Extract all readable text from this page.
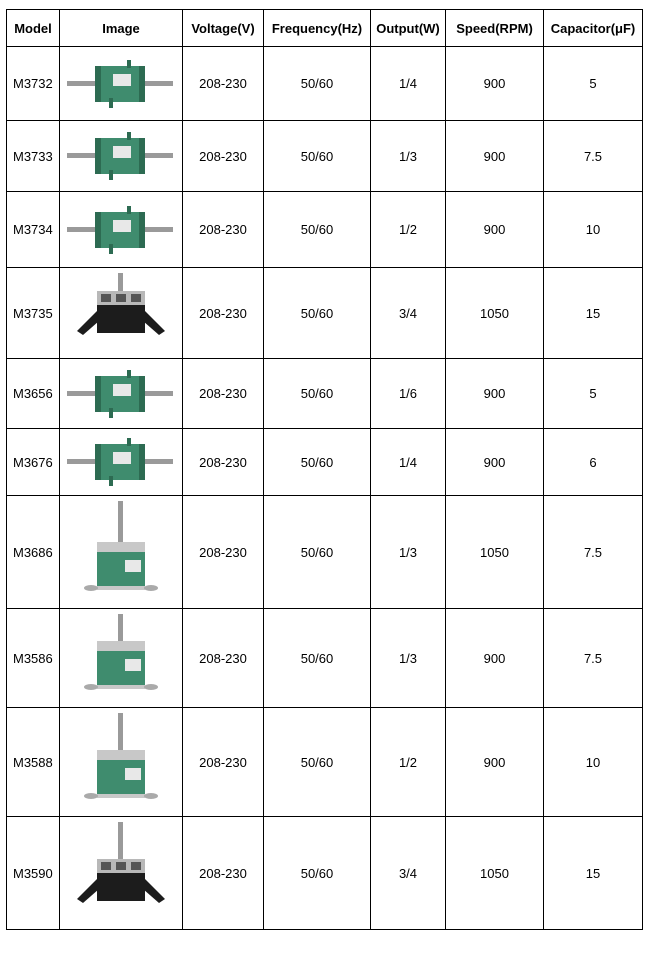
Model	Image	Voltage(V)	Frequency(Hz)	Output(W)	Speed(RPM)	Capacitor(μF)
M3732		208-230	50/60	1/4	900	5
M3733		208-230	50/60	1/3	900	7.5
M3734		208-230	50/60	1/2	900	10
M3735		208-230	50/60	3/4	1050	15
M3656		208-230	50/60	1/6	900	5
M3676		208-230	50/60	1/4	900	6
M3686		208-230	50/60	1/3	1050	7.5
M3586		208-230	50/60	1/3	900	7.5
M3588		208-230	50/60	1/2	900	10
M3590		208-230	50/60	3/4	1050	15
